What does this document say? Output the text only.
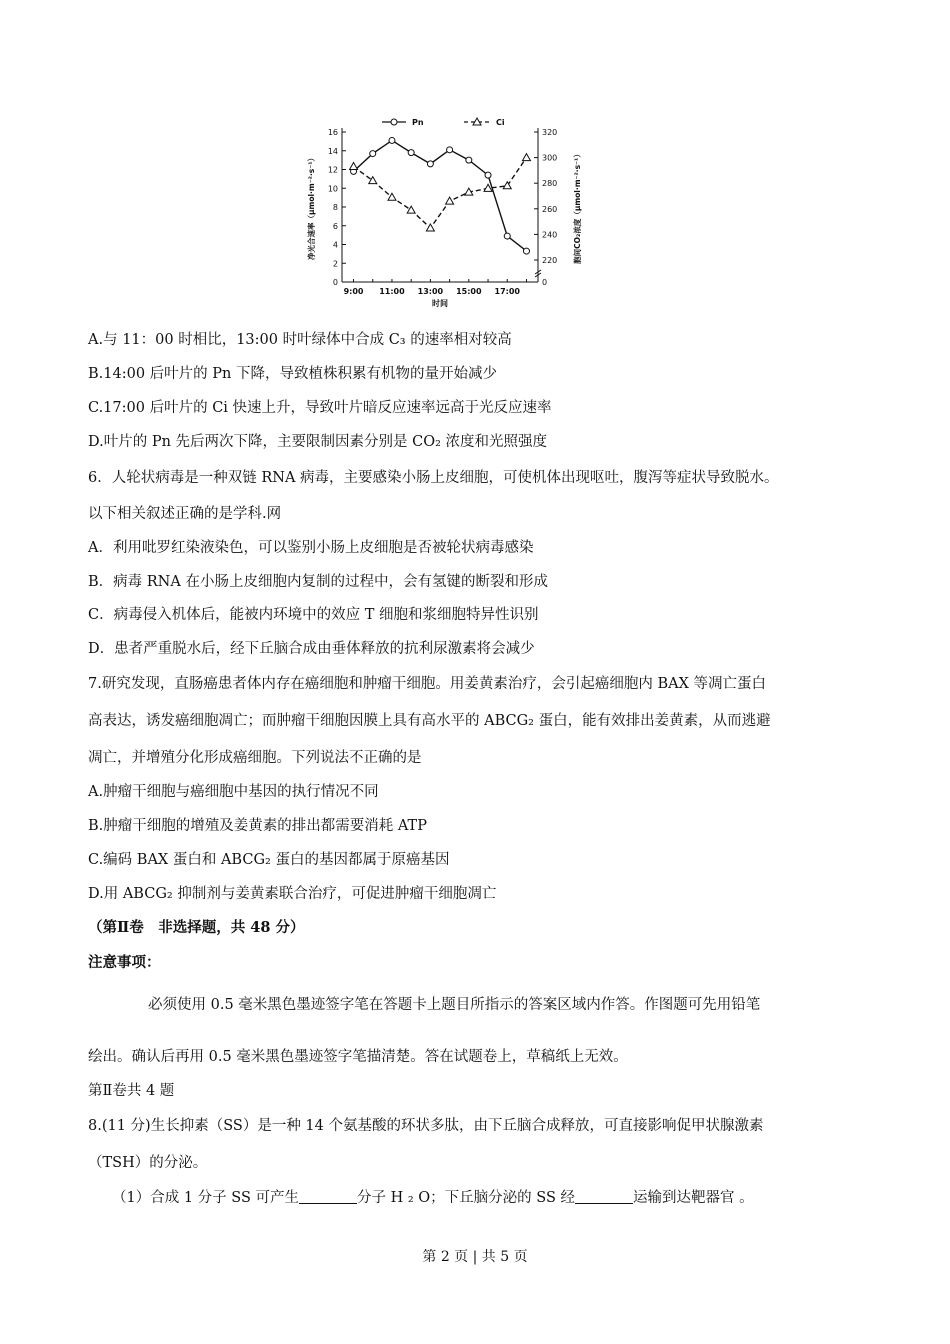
0
2
4
6
8
10
12
14
16
0
220
240
260
280
300
320
9:00 11:00 13:00 15:00 17:00
时间
净光合速率（μmol·m⁻²·s⁻¹）	胞间CO₂浓度（μmol·m⁻²·s⁻¹）
Pn	Ci
A.与 11：00 时相比，13:00 时叶绿体中合成 C₃ 的速率相对较高
B.14:00 后叶片的 Pn 下降，导致植株积累有机物的量开始减少
C.17:00 后叶片的 Ci 快速上升，导致叶片暗反应速率远高于光反应速率
D.叶片的 Pn 先后两次下降，主要限制因素分别是 CO₂ 浓度和光照强度
6．人轮状病毒是一种双链 RNA 病毒，主要感染小肠上皮细胞，可使机体出现呕吐，腹泻等症状导致脱水。
以下相关叙述正确的是学科.网
A．利用吡罗红染液染色，可以鉴别小肠上皮细胞是否被轮状病毒感染
B．病毒 RNA 在小肠上皮细胞内复制的过程中，会有氢键的断裂和形成
C．病毒侵入机体后，能被内环境中的效应 T 细胞和浆细胞特异性识别
D．患者严重脱水后，经下丘脑合成由垂体释放的抗利尿激素将会减少
7.研究发现，直肠癌患者体内存在癌细胞和肿瘤干细胞。用姜黄素治疗，会引起癌细胞内 BAX 等凋亡蛋白
高表达，诱发癌细胞凋亡；而肿瘤干细胞因膜上具有高水平的 ABCG₂ 蛋白，能有效排出姜黄素，从而逃避
凋亡，并增殖分化形成癌细胞。下列说法不正确的是
A.肿瘤干细胞与癌细胞中基因的执行情况不同
B.肿瘤干细胞的增殖及姜黄素的排出都需要消耗 ATP
C.编码 BAX 蛋白和 ABCG₂ 蛋白的基因都属于原癌基因
D.用 ABCG₂ 抑制剂与姜黄素联合治疗，可促进肿瘤干细胞凋亡
（第Ⅱ卷　非选择题，共 48 分）
注意事项：
必须使用 0.5 毫米黑色墨迹签字笔在答题卡上题目所指示的答案区域内作答。作图题可先用铅笔
绘出。确认后再用 0.5 毫米黑色墨迹签字笔描清楚。答在试题卷上，草稿纸上无效。
第Ⅱ卷共 4 题
8.(11 分)生长抑素（SS）是一种 14 个氨基酸的环状多肽，由下丘脑合成释放，可直接影响促甲状腺激素
（TSH）的分泌。
（1）合成 1 分子 SS 可产生	分子 H ₂ O；下丘脑分泌的 SS 经	运输到达靶器官 。
第 2 页 | 共 5 页
